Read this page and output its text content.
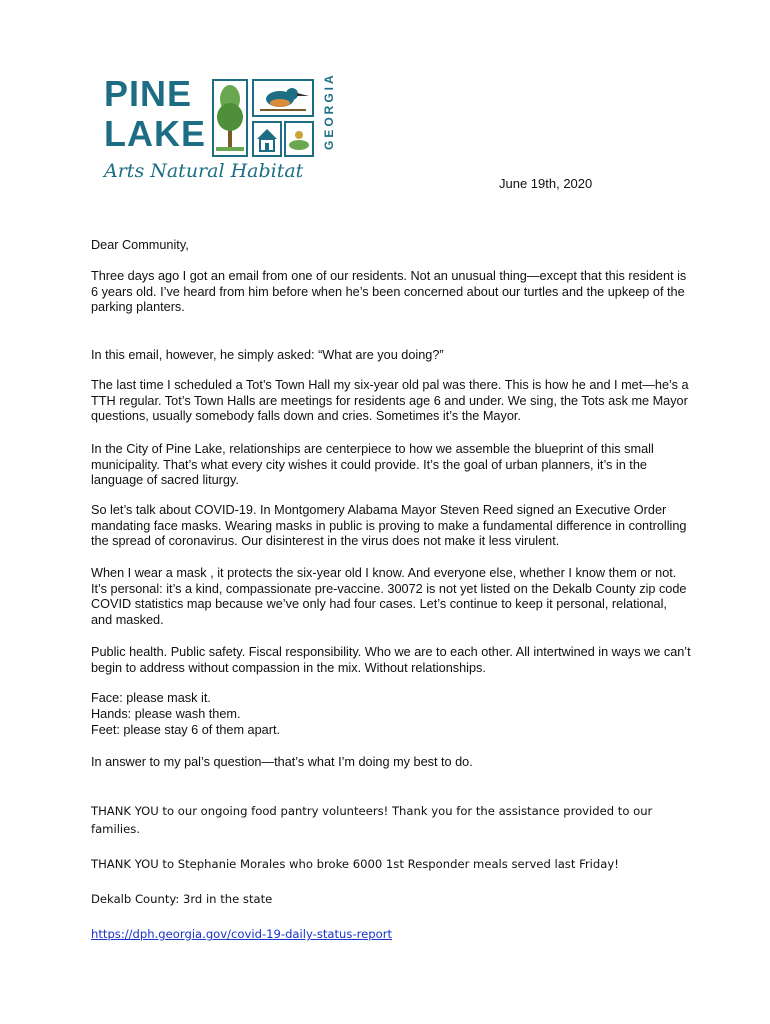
PINE
LAKE	GEORGIA
Arts Natural Habitat
June 19th, 2020

Dear Community,

Three days ago I got an email from one of our residents. Not an unusual thing—except that this resident is 6 years old. I’ve heard from him before when he’s been concerned about our turtles and the upkeep of the parking planters.

In this email, however, he simply asked: “What are you doing?”

The last time I scheduled a Tot’s Town Hall my six-year old pal was there. This is how he and I met—he’s a TTH regular. Tot’s Town Halls are meetings for residents age 6 and under. We sing, the Tots ask me Mayor questions, usually somebody falls down and cries. Sometimes it’s the Mayor.

In the City of Pine Lake, relationships are centerpiece to how we assemble the blueprint of this small municipality. That’s what every city wishes it could provide. It’s the goal of urban planners, it’s in the language of sacred liturgy.

So let’s talk about COVID-19. In Montgomery Alabama Mayor Steven Reed signed an Executive Order mandating face masks. Wearing masks in public is proving to make a fundamental difference in controlling the spread of coronavirus. Our disinterest in the virus does not make it less virulent.

When I wear a mask , it protects the six-year old I know. And everyone else, whether I know them or not. It’s personal: it’s a kind, compassionate pre-vaccine. 30072 is not yet listed on the Dekalb County zip code COVID statistics map because we’ve only had four cases. Let’s continue to keep it personal, relational, and masked.

Public health. Public safety. Fiscal responsibility. Who we are to each other. All intertwined in ways we can’t begin to address without compassion in the mix. Without relationships.

Face: please mask it.

Hands: please wash them.

Feet: please stay 6 of them apart.

In answer to my pal’s question—that’s what I’m doing my best to do.

THANK YOU to our ongoing food pantry volunteers! Thank you for the assistance provided to our families.

THANK YOU to Stephanie Morales who broke 6000 1st Responder meals served last Friday!

Dekalb County: 3rd in the state

https://dph.georgia.gov/covid-19-daily-status-report
